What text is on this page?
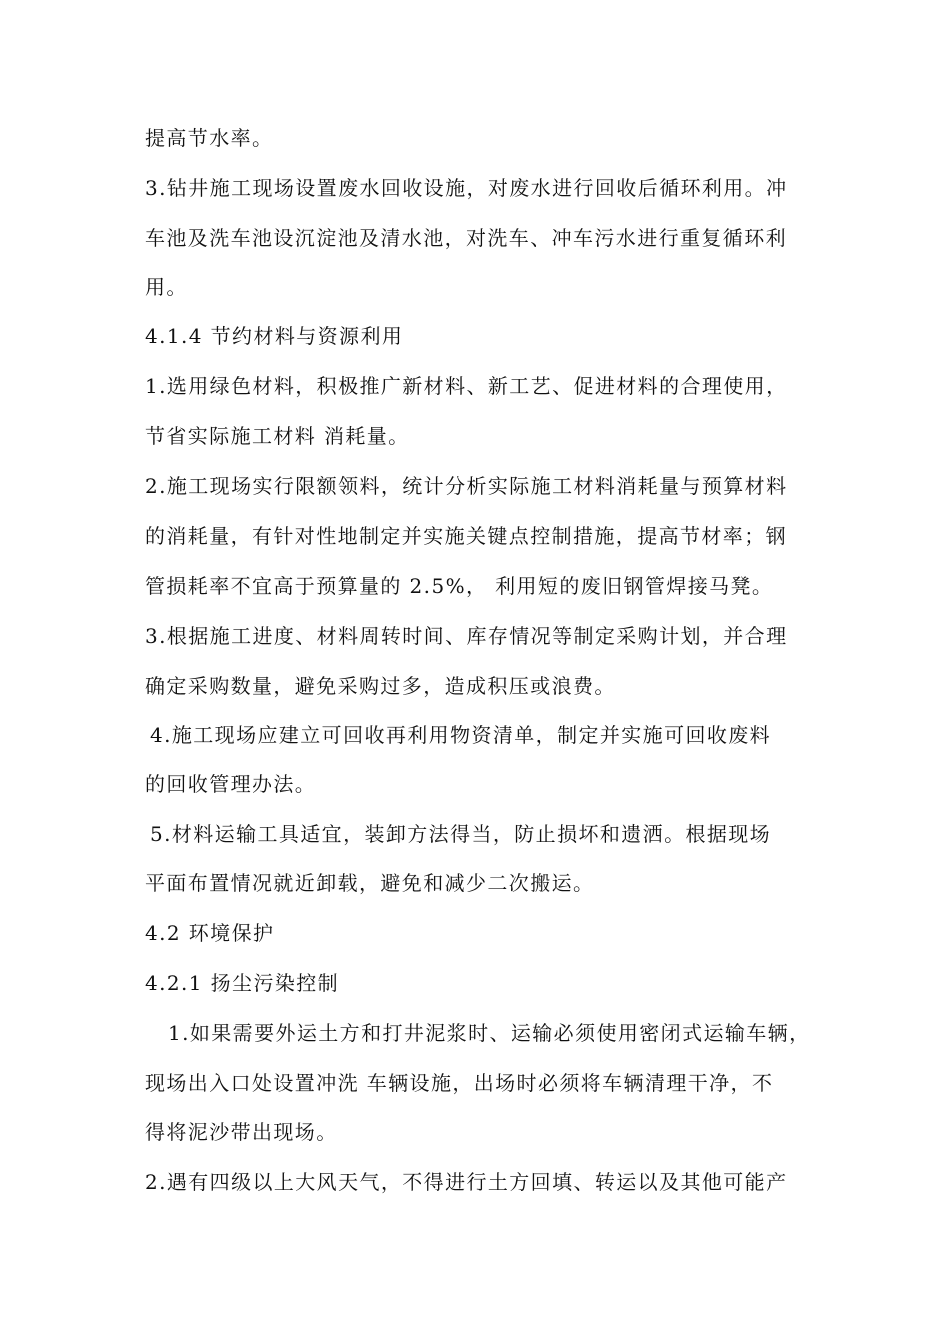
提高节水率。
3.钻井施工现场设置废水回收设施，对废水进行回收后循环利用。冲
车池及洗车池设沉淀池及清水池，对洗车、冲车污水进行重复循环利
用。
4.1.4 节约材料与资源利用
1.选用绿色材料，积极推广新材料、新工艺、促进材料的合理使用，
节省实际施工材料 消耗量。
2.施工现场实行限额领料，统计分析实际施工材料消耗量与预算材料
的消耗量，有针对性地制定并实施关键点控制措施，提高节材率；钢
管损耗率不宜高于预算量的 2.5%， 利用短的废旧钢管焊接马凳。
3.根据施工进度、材料周转时间、库存情况等制定采购计划，并合理
确定采购数量，避免采购过多，造成积压或浪费。
4.施工现场应建立可回收再利用物资清单，制定并实施可回收废料
的回收管理办法。
5.材料运输工具适宜，装卸方法得当，防止损坏和遗洒。根据现场
平面布置情况就近卸载，避免和减少二次搬运。
4.2 环境保护
4.2.1 扬尘污染控制
1.如果需要外运土方和打井泥浆时、运输必须使用密闭式运输车辆，
现场出入口处设置冲洗 车辆设施，出场时必须将车辆清理干净，不
得将泥沙带出现场。
2.遇有四级以上大风天气，不得进行土方回填、转运以及其他可能产
